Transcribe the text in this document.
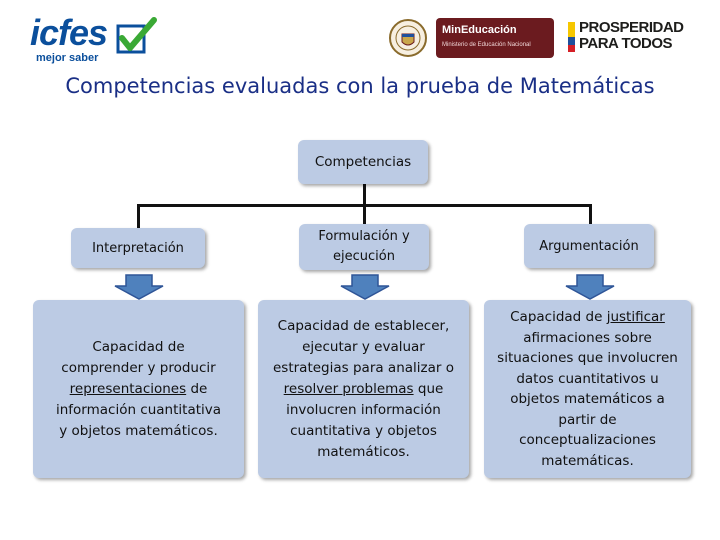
icfes
mejor saber
MinEducación
Ministerio de Educación Nacional
PROSPERIDAD
PARA TODOS
Competencias evaluadas con la prueba de Matemáticas
Competencias
Interpretación
Formulación y ejecución
Argumentación
Capacidad de comprender y producir representaciones de información cuantitativa y objetos matemáticos.
Capacidad de establecer, ejecutar y evaluar estrategias para analizar o resolver problemas que involucren información cuantitativa y objetos matemáticos.
Capacidad de justificar afirmaciones sobre situaciones que involucren datos cuantitativos u objetos matemáticos a partir de conceptualizaciones matemáticas.
